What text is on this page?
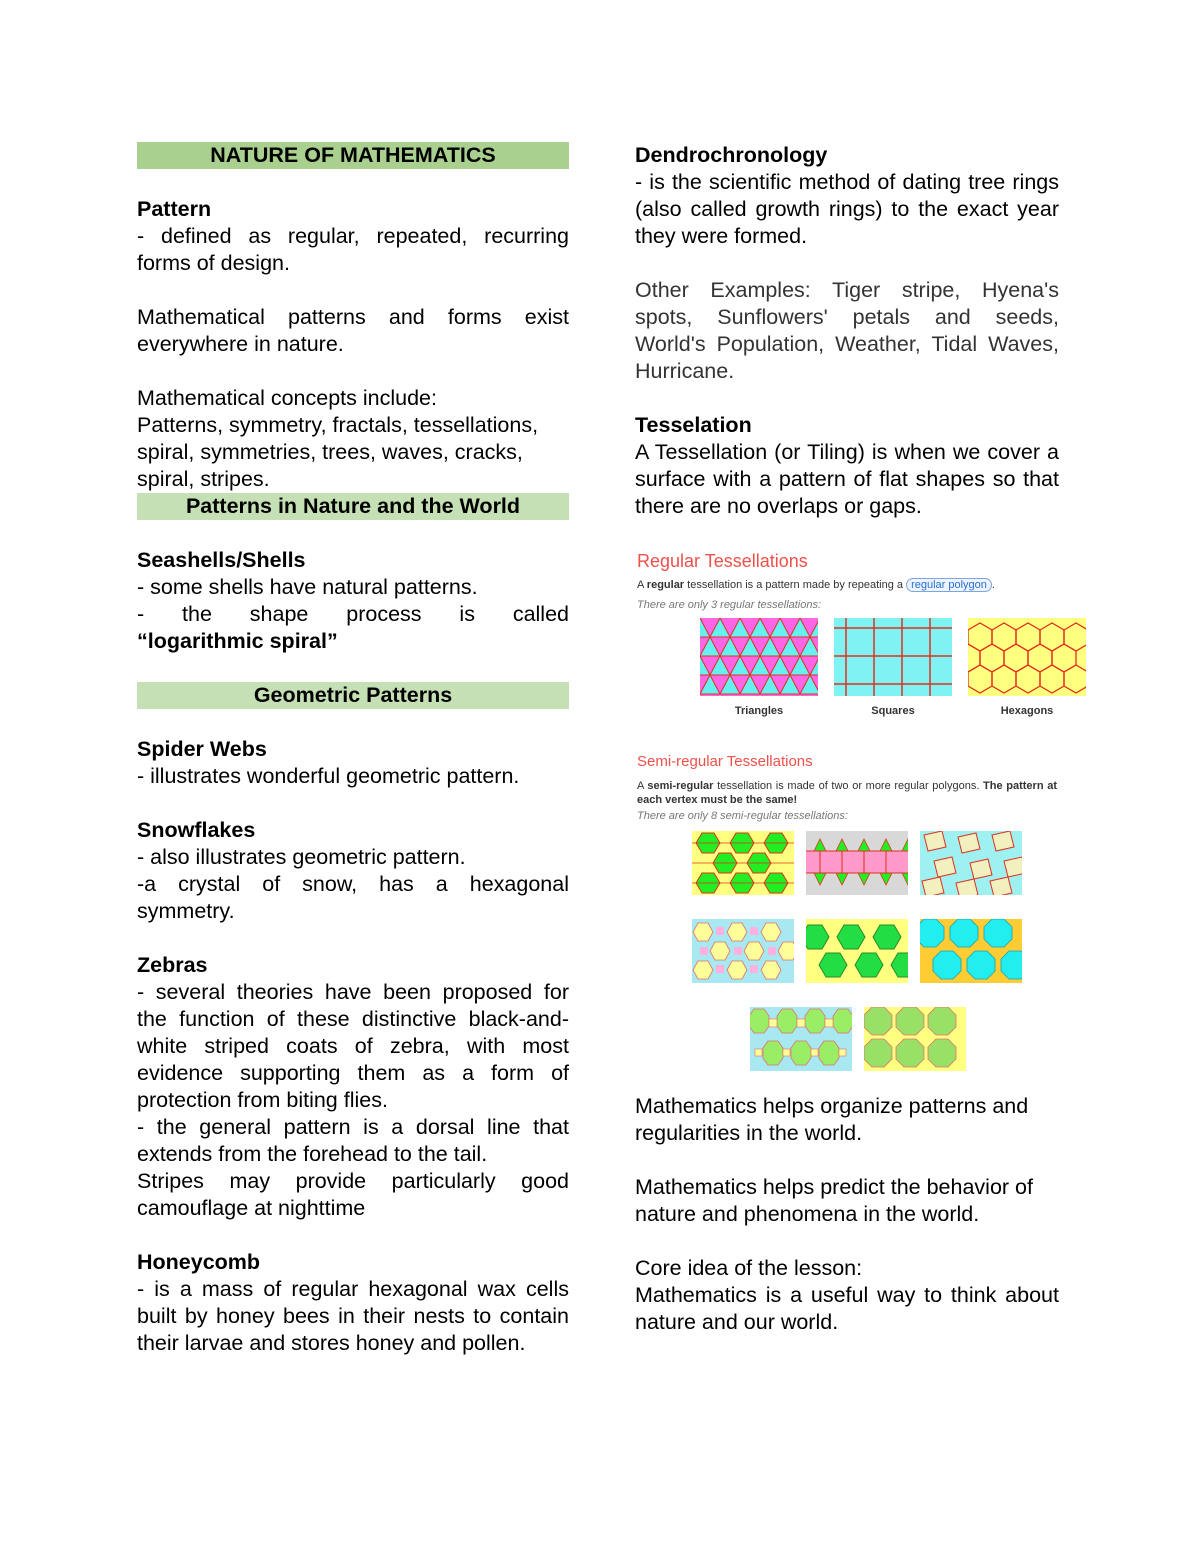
NATURE OF MATHEMATICS

Pattern

- defined as regular, repeated, recurring forms of design.

Mathematical patterns and forms exist everywhere in nature.

Mathematical concepts include:

Patterns, symmetry, fractals, tessellations, spiral, symmetries, trees, waves, cracks, spiral, stripes.

Patterns in Nature and the World

Seashells/Shells

- some shells have natural patterns.

- the shape process is called

“logarithmic spiral”

Geometric Patterns

Spider Webs

- illustrates wonderful geometric pattern.

Snowflakes

- also illustrates geometric pattern.

-a crystal of snow, has a hexagonal symmetry.

Zebras

- several theories have been proposed for the function of these distinctive black-and-white striped coats of zebra, with most evidence supporting them as a form of protection from biting flies.

- the general pattern is a dorsal line that extends from the forehead to the tail.

Stripes may provide particularly good camouflage at nighttime

Honeycomb

- is a mass of regular hexagonal wax cells built by honey bees in their nests to contain their larvae and stores honey and pollen.

Dendrochronology

- is the scientific method of dating tree rings (also called growth rings) to the exact year they were formed.

Other Examples: Tiger stripe, Hyena's spots, Sunflowers' petals and seeds, World's Population, Weather, Tidal Waves, Hurricane.

Tesselation

A Tessellation (or Tiling) is when we cover a surface with a pattern of flat shapes so that there are no overlaps or gaps.

Regular Tessellations

A regular tessellation is a pattern made by repeating a regular polygon .

There are only 3 regular tessellations:

Triangles	Squares	Hexagons

Semi-regular Tessellations

A semi-regular tessellation is made of two or more regular polygons. The pattern at each vertex must be the same!

There are only 8 semi-regular tessellations:

Mathematics helps organize patterns and regularities in the world.

Mathematics helps predict the behavior of nature and phenomena in the world.

Core idea of the lesson:

Mathematics is a useful way to think about nature and our world.
